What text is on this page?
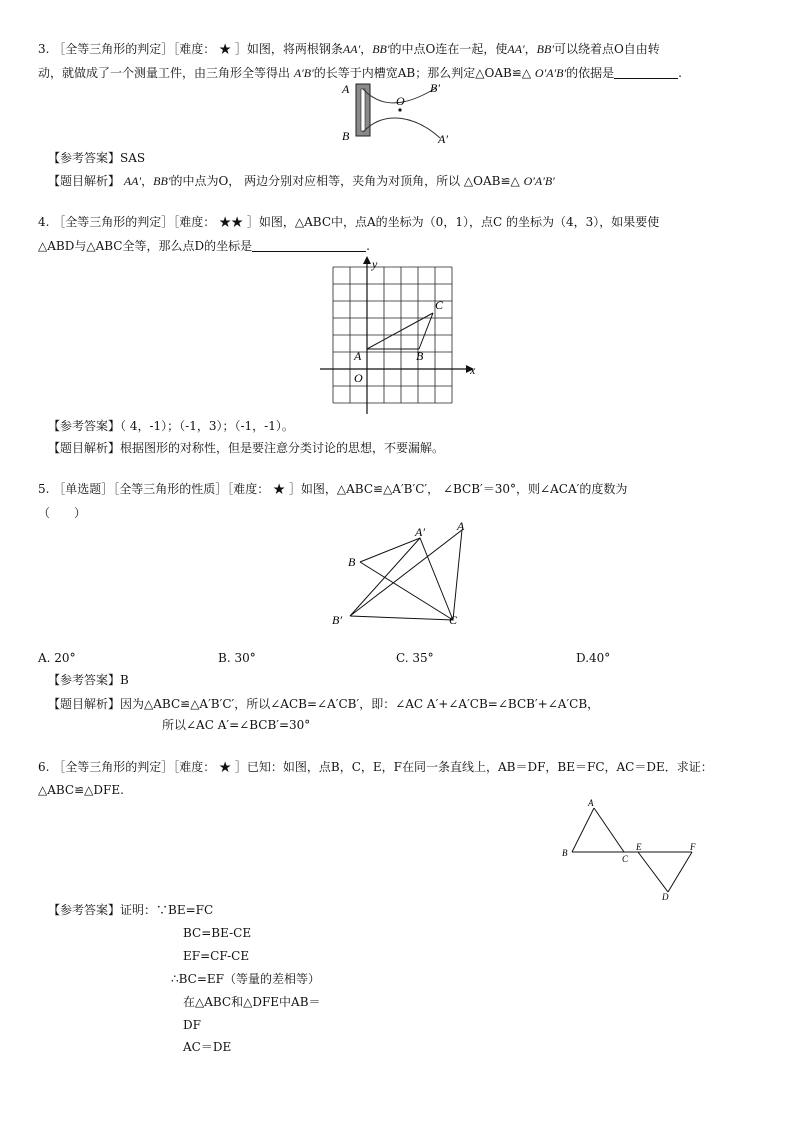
3. ［全等三角形的判定］［难度： ★ ］如图，将两根钢条AA′，BB′的中点O连在一起，使AA′，BB′可以绕着点O自由转
动，就做成了一个测量工件，由三角形全等得出 A′B′的长等于内槽宽AB；那么判定△OAB≌△ O′A′B′的依据是	.
A
B
O
B′
A′
【参考答案】SAS
【题目解析】 AA′，BB′的中点为O， 两边分别对应相等，夹角为对顶角，所以 △OAB≌△ O′A′B′
4. ［全等三角形的判定］［难度： ★★ ］如图，△ABC中，点A的坐标为（0，1），点C 的坐标为（4，3），如果要使
△ABD与△ABC全等，那么点D的坐标是	.
y
x
A	B
C
O
【参考答案】（ 4，-1）；（-1，3）；（-1，-1）。
【题目解析】根据图形的对称性，但是要注意分类讨论的思想，不要漏解。
5. ［单选题］［全等三角形的性质］［难度： ★ ］如图，△ABC≌△A′B′C′， ∠BCB′＝30°，则∠ACA′的度数为
（　　）
A′	A
B
B′	C
A. 20°	B. 30°	C. 35°	D.40°
【参考答案】B
【题目解析】因为△ABC≌△A′B′C′，所以∠ACB=∠A′CB′，即：∠AC A′+∠A′CB=∠BCB′+∠A′CB，
所以∠AC A′=∠BCB′=30°
6. ［全等三角形的判定］［难度： ★ ］已知：如图，点B，C，E，F在同一条直线上，AB＝DF，BE＝FC，AC＝DE．求证：
△ABC≌△DFE.
A
B
C
E	F
D
【参考答案】证明：∵BE=FC
BC=BE-CE
EF=CF-CE
∴BC=EF（等量的差相等）
在△ABC和△DFE中AB＝
DF
AC＝DE
